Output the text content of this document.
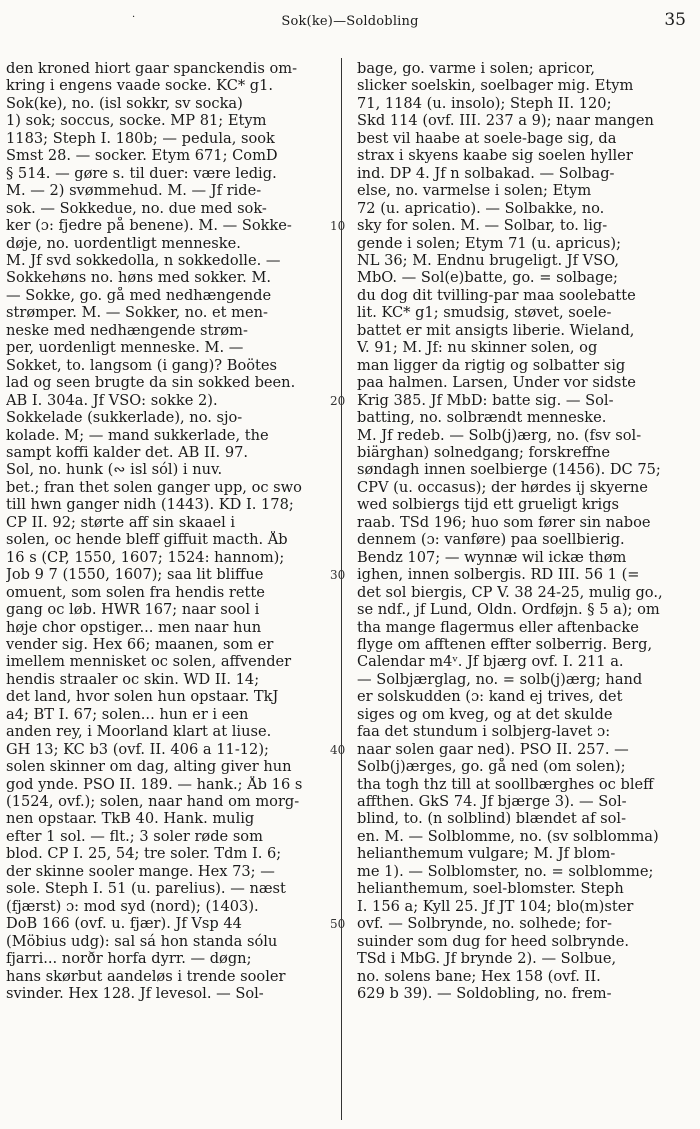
·	Sok(ke)—Soldobling	35
den kroned hiort gaar spanckendis om-
kring i engens vaade socke. KC* g1.
Sok(ke), no. (isl sokkr, sv socka)
1) sok; soccus, socke. MP 81; Etym
1183; Steph I. 180b; — pedula, sook
Smst 28. — socker. Etym 671; ComD
§ 514. — gøre s. til duer: være ledig.
M. — 2) svømmehud. M. — Jf ride-
sok. — Sokkedue, no. due med sok-
ker (ɔ: fjedre på benene). M. — Sokke-
døje, no. uordentligt menneske.
M. Jf svd sokkedolla, n sokkedolle. —
Sokkehøns no. høns med sokker. M.
— Sokke, go. gå med nedhængende
strømper. M. — Sokker, no. et men-
neske med nedhængende strøm-
per, uordenligt menneske. M. —
Sokket, to. langsom (i gang)? Boötes
lad og seen brugte da sin sokked been.
AB I. 304a. Jf VSO: sokke 2).
Sokkelade (sukkerlade), no. sjo-
kolade. M; — mand sukkerlade, the
sampt koffi kalder det. AB II. 97.
Sol, no. hunk (∾ isl sól) i nuv.
bet.; fran thet solen ganger upp, oc swo
till hwn ganger nidh (1443). KD I. 178;
CP II. 92; størte aff sin skaael i
solen, oc hende bleff giffuit macth. Åb
16 s (CP, 1550, 1607; 1524: hannom);
Job 9 7 (1550, 1607); saa lit bliffue
omuent, som solen fra hendis rette
gang oc løb. HWR 167; naar sool i
høje chor opstiger... men naar hun
vender sig. Hex 66; maanen, som er
imellem mennisket oc solen, affvender
hendis straaler oc skin. WD II. 14;
det land, hvor solen hun opstaar. TkJ
a4; BT I. 67; solen... hun er i een
anden rey, i Moorland klart at liuse.
GH 13; KC b3 (ovf. II. 406 a 11-12);
solen skinner om dag, alting giver hun
god ynde. PSO II. 189. — hank.; Åb 16 s
(1524, ovf.); solen, naar hand om morg-
nen opstaar. TkB 40. Hank. mulig
efter 1 sol. — flt.; 3 soler røde som
blod. CP I. 25, 54; tre soler. Tdm I. 6;
der skinne sooler mange. Hex 73; —
sole. Steph I. 51 (u. parelius). — næst
(fjærst) ɔ: mod syd (nord); (1403).
DoB 166 (ovf. u. fjær). Jf Vsp 44
(Möbius udg): sal sá hon standa sólu
fjarri... norðr horfa dyrr. — døgn;
hans skørbut aandeløs i trende sooler
svinder. Hex 128. Jf levesol. — Sol-
bage, go. varme i solen; apricor,
slicker soelskin, soelbager mig. Etym
71, 1184 (u. insolo); Steph II. 120;
Skd 114 (ovf. III. 237 a 9); naar mangen
best vil haabe at soele-bage sig, da
strax i skyens kaabe sig soelen hyller
ind. DP 4. Jf n solbakad. — Solbag-
else, no. varmelse i solen; Etym
72 (u. apricatio). — Solbakke, no.
sky for solen. M. — Solbar, to. lig-
gende i solen; Etym 71 (u. apricus);
NL 36; M. Endnu brugeligt. Jf VSO,
MbO. — Sol(e)batte, go. = solbage;
du dog dit tvilling-par maa soolebatte
lit. KC* g1; smudsig, støvet, soele-
battet er mit ansigts liberie. Wieland,
V. 91; M. Jf: nu skinner solen, og
man ligger da rigtig og solbatter sig
paa halmen. Larsen, Under vor sidste
Krig 385. Jf MbD: batte sig. — Sol-
batting, no. solbrændt menneske.
M. Jf redeb. — Solb(j)ærg, no. (fsv sol-
biärghan) solnedgang; forskreffne
søndagh innen soelbierge (1456). DC 75;
CPV (u. occasus); der hørdes ij skyerne
wed solbiergs tijd ett grueligt krigs
raab. TSd 196; huo som fører sin naboe
dennem (ɔ: vanføre) paa soellbierig.
Bendz 107; — wynnæ wil ickæ thøm
ighen, innen solbergis. RD III. 56 1 (=
det sol biergis, CP V. 38 24-25, mulig go.,
se ndf., jf Lund, Oldn. Ordføjn. § 5 a); om
tha mange flagermus eller aftenbacke
flyge om afftenen effter solberrig. Berg,
Calendar m4ᵛ. Jf bjærg ovf. I. 211 a.
— Solbjærglag, no. = solb(j)ærg; hand
er solskudden (ɔ: kand ej trives, det
siges og om kveg, og at det skulde
faa det stundum i solbjerg-lavet ɔ:
naar solen gaar ned). PSO II. 257. —
Solb(j)ærges, go. gå ned (om solen);
tha togh thz till at soollbærghes oc bleff
affthen. GkS 74. Jf bjærge 3). — Sol-
blind, to. (n solblind) blændet af sol-
en. M. — Solblomme, no. (sv solblomma)
helianthemum vulgare; M. Jf blom-
me 1). — Solblomster, no. = solblomme;
helianthemum, soel-blomster. Steph
I. 156 a; Kyll 25. Jf JT 104; blo(m)ster
ovf. — Solbrynde, no. solhede; for-
suinder som dug for heed solbrynde.
TSd i MbG. Jf brynde 2). — Solbue,
no. solens bane; Hex 158 (ovf. II.
629 b 39). — Soldobling, no. frem-
10
20
30
40
50
